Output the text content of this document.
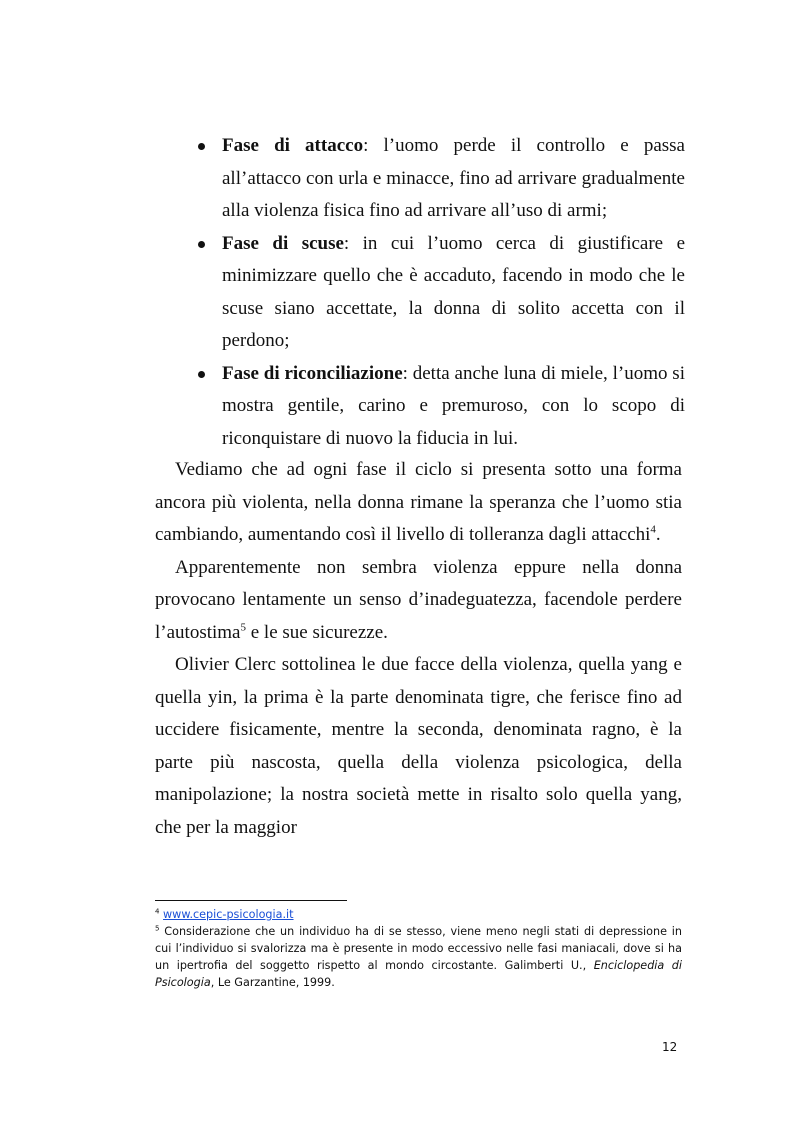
Fase di attacco: l’uomo perde il controllo e passa all’attacco con urla e minacce, fino ad arrivare gradualmente alla violenza fisica fino ad arrivare all’uso di armi;
Fase di scuse: in cui l’uomo cerca di giustificare e minimizzare quello che è accaduto, facendo in modo che le scuse siano accettate, la donna di solito accetta con il perdono;
Fase di riconciliazione: detta anche luna di miele, l’uomo si mostra gentile, carino e premuroso, con lo scopo di riconquistare di nuovo la fiducia in lui.

Vediamo che ad ogni fase il ciclo si presenta sotto una forma ancora più violenta, nella donna rimane la speranza che l’uomo stia cambiando, aumentando così il livello di tolleranza dagli attacchi$^4$.

Apparentemente non sembra violenza eppure nella donna provocano lentamente un senso d’inadeguatezza, facendole perdere l’autostima$^5$ e le sue sicurezze.

Olivier Clerc sottolinea le due facce della violenza, quella yang e quella yin, la prima è la parte denominata tigre, che ferisce fino ad uccidere fisicamente, mentre la seconda, denominata ragno, è la parte più nascosta, quella della violenza psicologica, della manipolazione; la nostra società mette in risalto solo quella yang, che per la maggior

$^4$ www.cepic-psicologia.it

$^5$ Considerazione che un individuo ha di se stesso, viene meno negli stati di depressione in cui l’individuo si svalorizza ma è presente in modo eccessivo nelle fasi maniacali, dove si ha un ipertrofia del soggetto rispetto al mondo circostante. Galimberti U., Enciclopedia di Psicologia, Le Garzantine, 1999.

12
